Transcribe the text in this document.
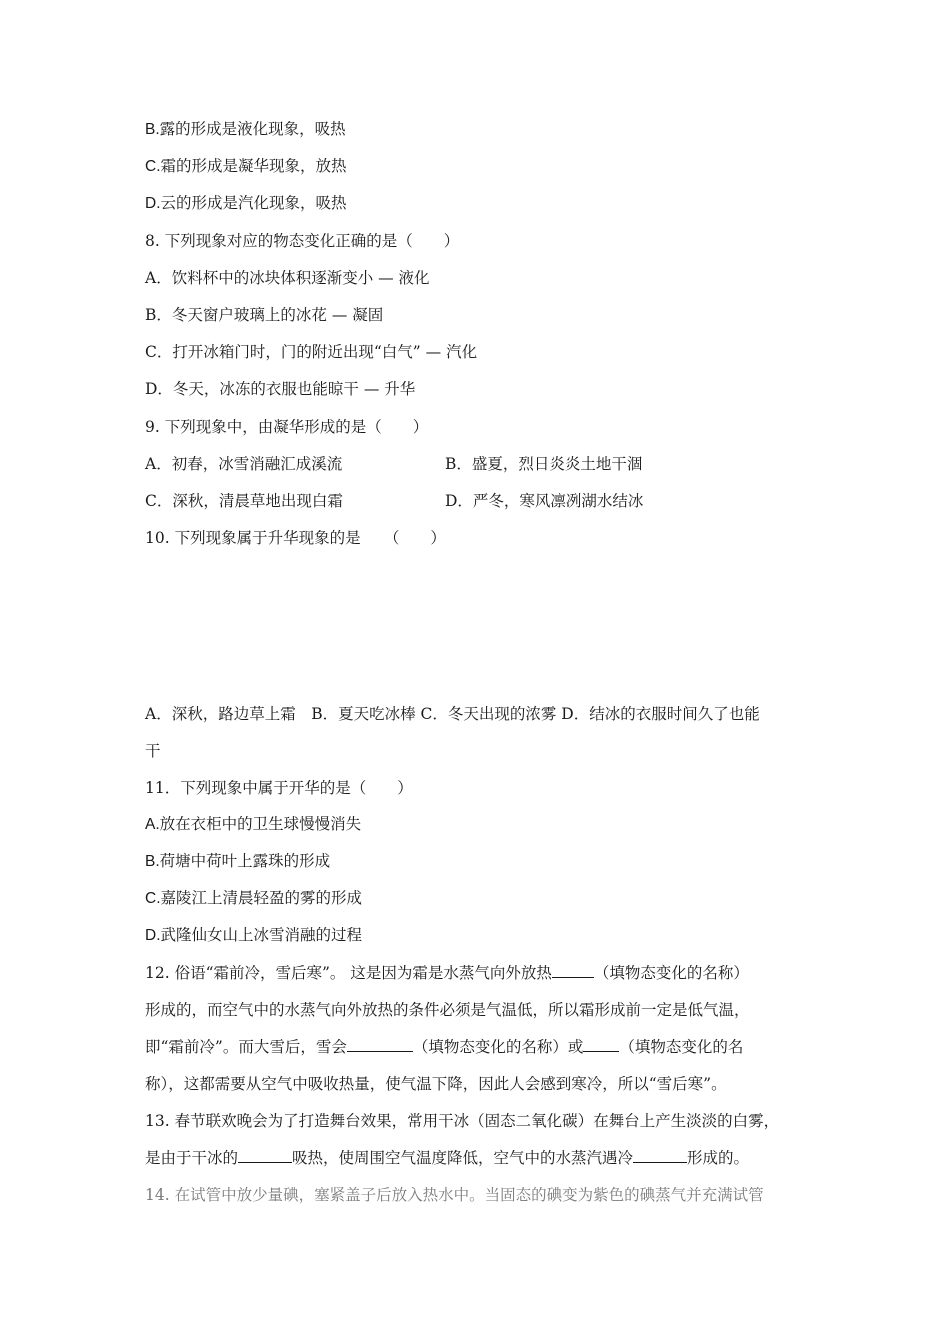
B.露的形成是液化现象，吸热
C.霜的形成是凝华现象，放热
D.云的形成是汽化现象，吸热
8. 下列现象对应的物态变化正确的是（　　）
A．饮料杯中的冰块体积逐渐变小 — 液化
B．冬天窗户玻璃上的冰花 — 凝固
C．打开冰箱门时，门的附近出现“白气” — 汽化
D．冬天，冰冻的衣服也能晾干 — 升华
9. 下列现象中，由凝华形成的是（　　）
A．初春，冰雪消融汇成溪流	B．盛夏，烈日炎炎土地干涸
C．深秋，清晨草地出现白霜	D．严冬，寒风凛冽湖水结冰
10. 下列现象属于升华现象的是　　（　　）
A．深秋，路边草上霜　B．夏天吃冰棒 C．冬天出现的浓雾 D．结冰的衣服时间久了也能
干
11．下列现象中属于开华的是（　　）
A.放在衣柜中的卫生球慢慢消失
B.荷塘中荷叶上露珠的形成
C.嘉陵江上清晨轻盈的雾的形成
D.武隆仙女山上冰雪消融的过程
12. 俗语“霜前冷，雪后寒”。 这是因为霜是水蒸气向外放热	（填物态变化的名称）
形成的，而空气中的水蒸气向外放热的条件必须是气温低，所以霜形成前一定是低气温，
即“霜前冷”。而大雪后，雪会	（填物态变化的名称）或 （填物态变化的名
称），这都需要从空气中吸收热量，使气温下降，因此人会感到寒冷，所以“雪后寒”。
13. 春节联欢晚会为了打造舞台效果，常用干冰（固态二氧化碳）在舞台上产生淡淡的白雾，
是由于干冰的	吸热，使周围空气温度降低，空气中的水蒸汽遇冷	形成的。
14. 在试管中放少量碘，塞紧盖子后放入热水中。当固态的碘变为紫色的碘蒸气并充满试管
